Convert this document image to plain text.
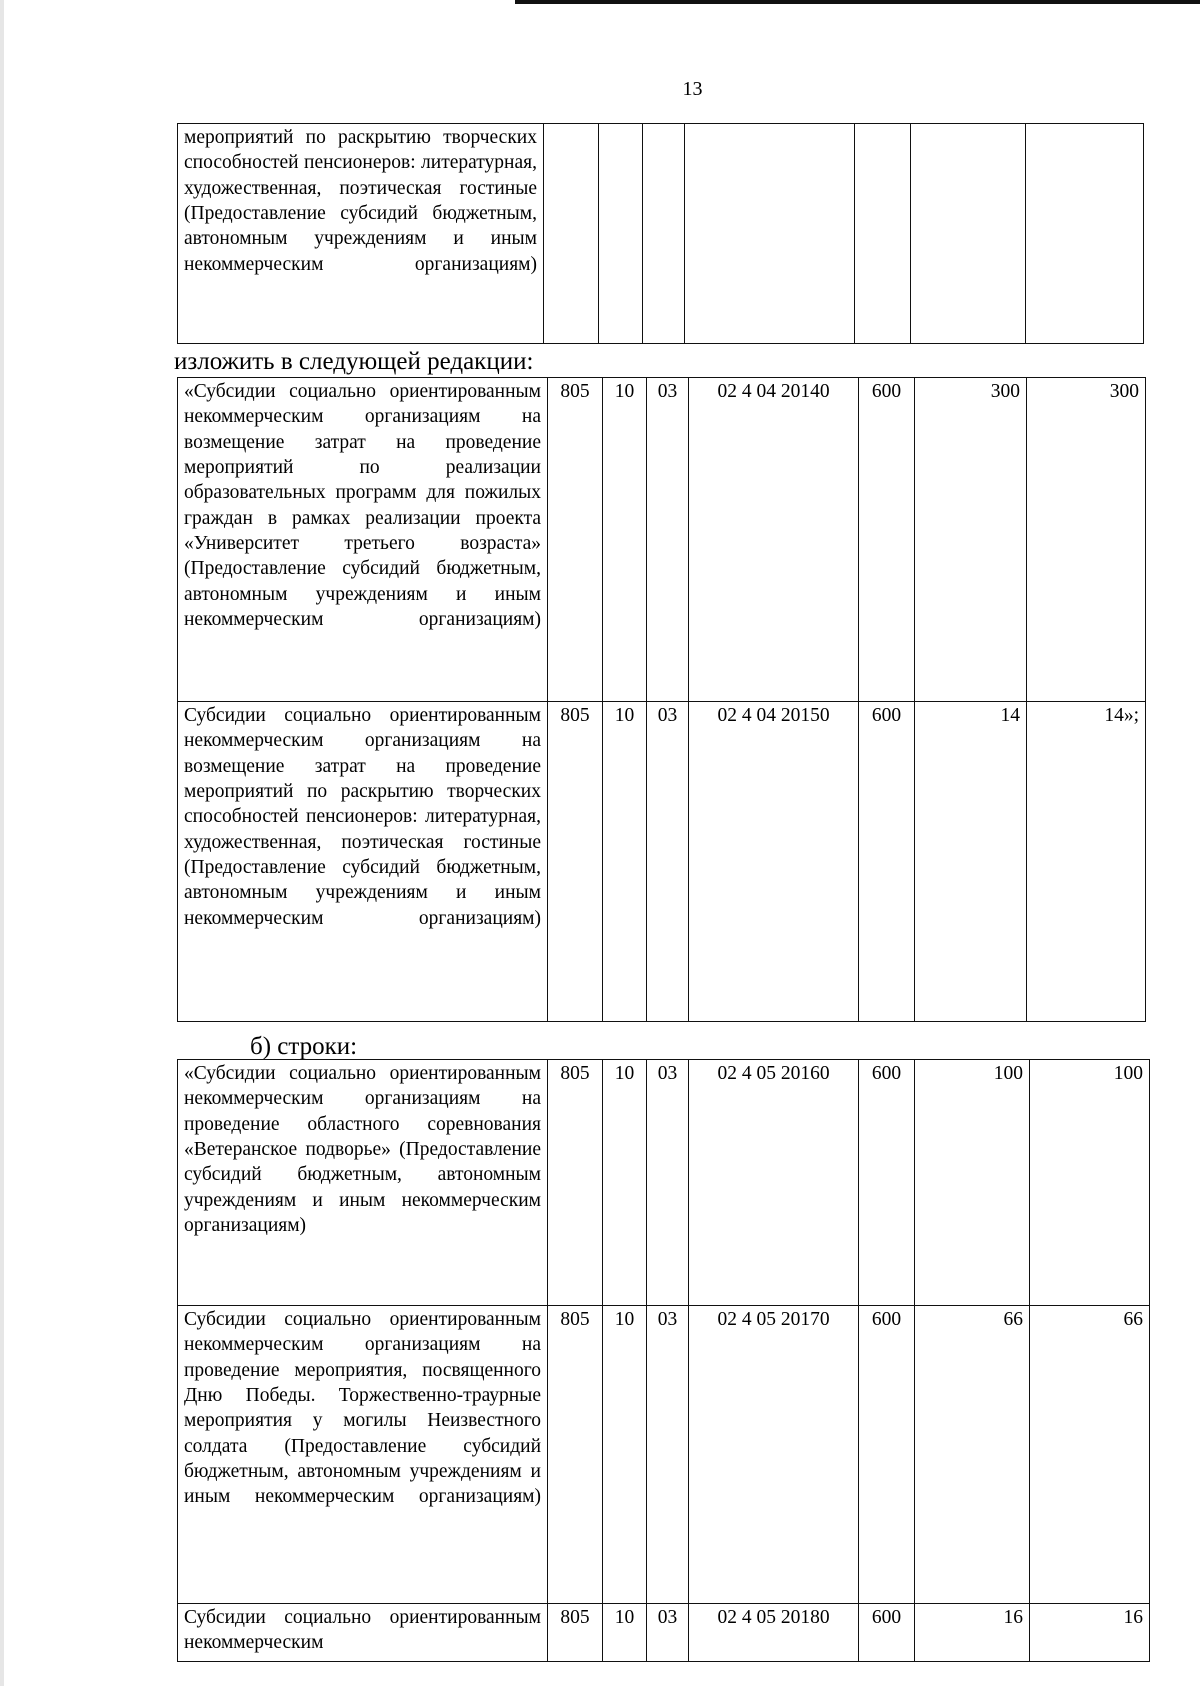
13
мероприятий по раскрытию творческих способностей пенсионеров: литературная, художественная, поэтическая гостиные (Предоставление субсидий бюджетным, автономным учреждениям и иным некоммерческим организациям)							
изложить в следующей редакции:
«Субсидии социально ориентированным некоммерческим организациям на возмещение затрат на проведение мероприятий по реализации образовательных программ для пожилых граждан в рамках реализации проекта «Университет третьего возраста» (Предоставление субсидий бюджетным, автономным учреждениям и иным некоммерческим организациям)	805	10	03	02 4 04 20140	600	300	300
Субсидии социально ориентированным некоммерческим организациям на возмещение затрат на проведение мероприятий по раскрытию творческих способностей пенсионеров: литературная, художественная, поэтическая гостиные (Предоставление субсидий бюджетным, автономным учреждениям и иным некоммерческим организациям)	805	10	03	02 4 04 20150	600	14	14»;
б) строки:
«Субсидии социально ориентированным некоммерческим организациям на проведение областного соревнования «Ветеранское подворье» (Предоставление субсидий бюджетным, автономным учреждениям и иным некоммерческим организациям)	805	10	03	02 4 05 20160	600	100	100
Субсидии социально ориентированным некоммерческим организациям на проведение мероприятия, посвященного Дню Победы. Торжественно-траурные мероприятия у могилы Неизвестного солдата (Предоставление субсидий бюджетным, автономным учреждениям и иным некоммерческим организациям)	805	10	03	02 4 05 20170	600	66	66
Субсидии социально ориентированным некоммерческим	805	10	03	02 4 05 20180	600	16	16
